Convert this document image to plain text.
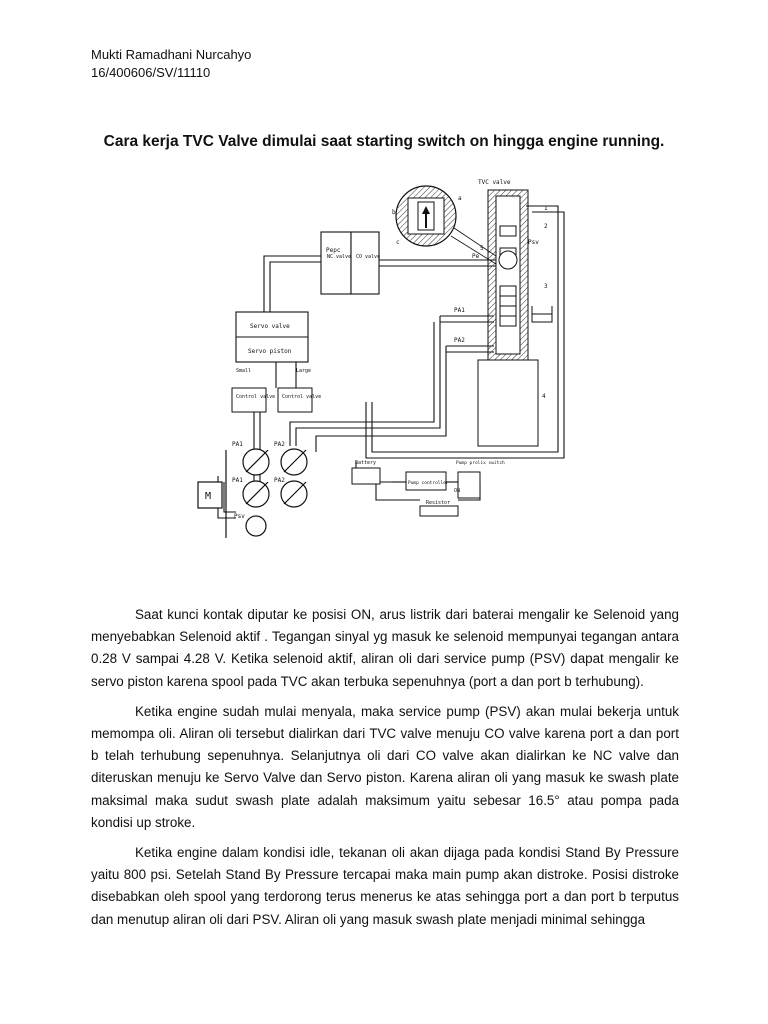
Mukti Ramadhani Nurcahyo
16/400606/SV/11110
Cara kerja TVC Valve dimulai saat starting switch on hingga engine running.
TVC valve
Psv
Pepc
NC valve CO valve
Servo valve
Servo piston
Small	Large
Control valve Control valve
PA1	PA2
PA1	PA2
PA1
PA2
Psv
M
Battery
Pump controller
Pump prolix switch
ON
Resistor
Pe
a
b
c
1
2
3
4
5

Saat kunci kontak diputar ke posisi ON, arus listrik dari baterai mengalir ke Selenoid yang menyebabkan Selenoid aktif . Tegangan sinyal yg masuk ke selenoid mempunyai tegangan antara 0.28 V sampai 4.28 V. Ketika selenoid aktif, aliran oli dari service pump (PSV) dapat mengalir ke servo piston karena spool pada TVC akan terbuka sepenuhnya (port a dan port b terhubung).

Ketika engine sudah mulai menyala, maka service pump (PSV) akan mulai bekerja untuk memompa oli. Aliran oli tersebut dialirkan dari TVC valve menuju CO valve karena port a dan port b telah terhubung sepenuhnya. Selanjutnya oli dari CO valve akan dialirkan ke NC valve dan diteruskan menuju ke Servo Valve dan Servo piston. Karena aliran oli yang masuk ke swash plate maksimal maka sudut swash plate adalah maksimum yaitu sebesar 16.5° atau pompa pada kondisi up stroke.

Ketika engine dalam kondisi idle, tekanan oli akan dijaga pada kondisi Stand By Pressure yaitu 800 psi. Setelah Stand By Pressure tercapai maka main pump akan distroke. Posisi distroke disebabkan oleh spool yang terdorong terus menerus ke atas sehingga port a dan port b terputus dan menutup aliran oli dari PSV. Aliran oli yang masuk swash plate menjadi minimal sehingga
